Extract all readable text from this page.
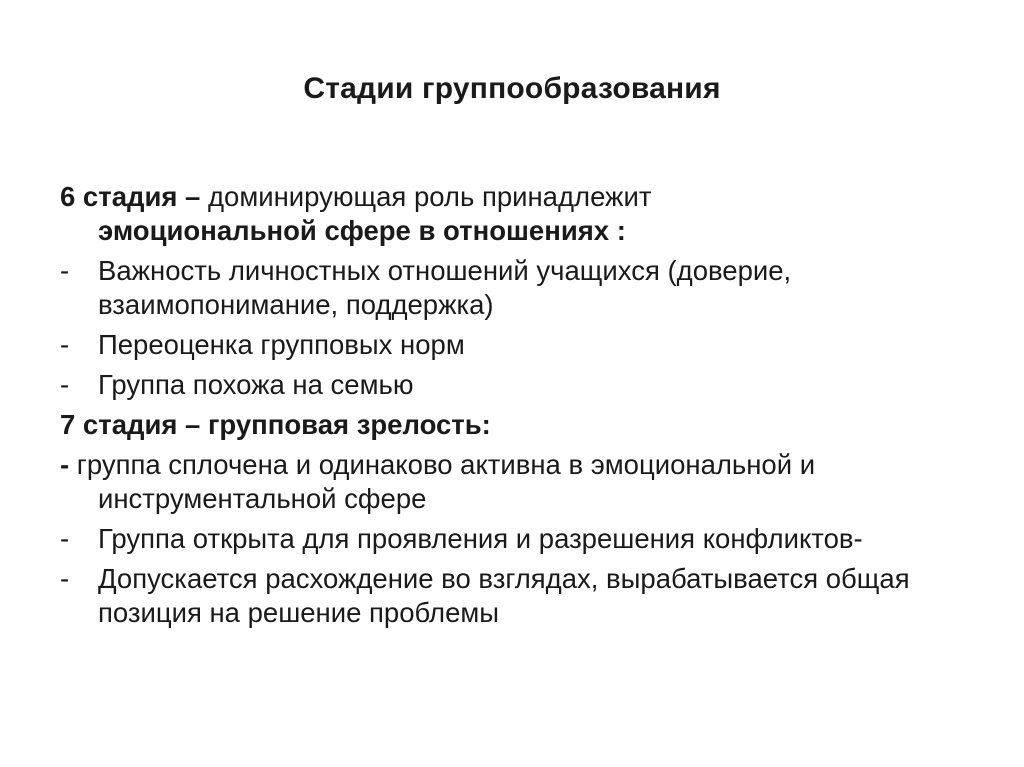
Стадии группообразования
6 стадия – доминирующая роль принадлежит
эмоциональной сфере в отношениях :
- Важность личностных отношений учащихся (доверие, взаимопонимание, поддержка)
- Переоценка групповых норм
- Группа похожа на семью
7 стадия – групповая зрелость:
- группа сплочена и одинаково активна в эмоциональной и инструментальной сфере
- Группа открыта для проявления и разрешения конфликтов-
- Допускается расхождение во взглядах, вырабатывается общая позиция на решение проблемы
